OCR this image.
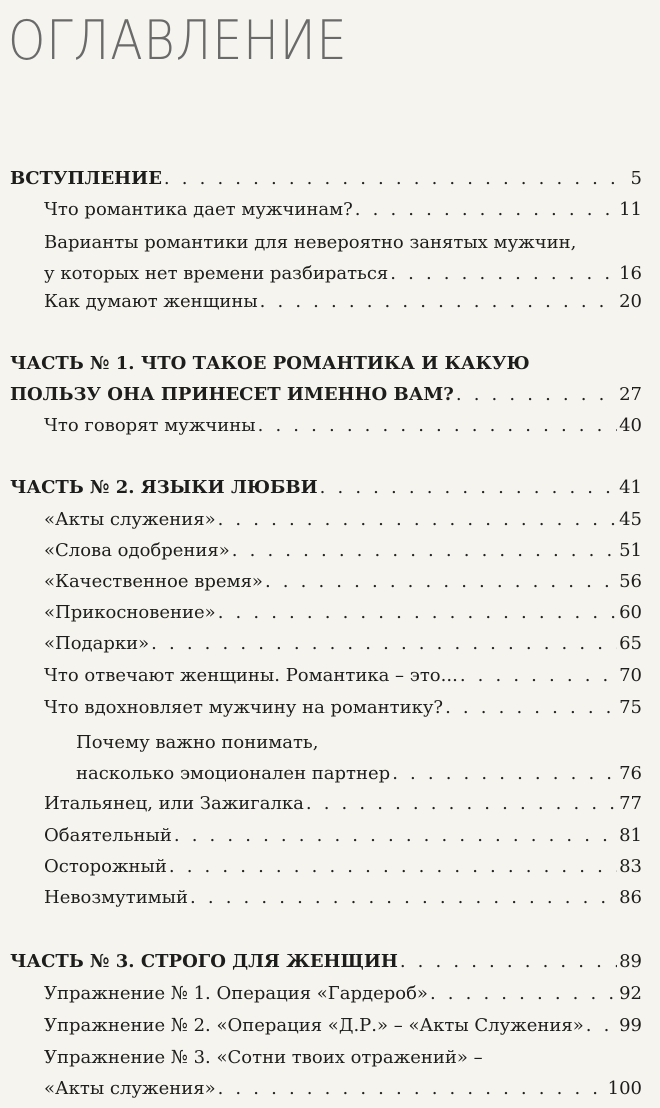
ОГЛАВЛЕНИЕ
ВСТУПЛЕНИЕ . . .	5
Что романтика дает мужчинам? . . .	11
Варианты романтики для невероятно занятых мужчин,
у которых нет времени разбираться . . .	16
Как думают женщины . . .	20
ЧАСТЬ № 1. ЧТО ТАКОЕ РОМАНТИКА И КАКУЮ
ПОЛЬЗУ ОНА ПРИНЕСЕТ ИМЕННО ВАМ? . . .	27
Что говорят мужчины . . .	40
ЧАСТЬ № 2. ЯЗЫКИ ЛЮБВИ . . .	41
«Акты служения» . . .	45
«Слова одобрения» . . .	51
«Качественное время» . . .	56
«Прикосновение» . . .	60
«Подарки» . . .	65
Что отвечают женщины. Романтика – это... . . .	70
Что вдохновляет мужчину на романтику? . . .	75
Почему важно понимать,
насколько эмоционален партнер . . .	76
Итальянец, или Зажигалка . . .	77
Обаятельный . . .	81
Осторожный . . .	83
Невозмутимый . . .	86
ЧАСТЬ № 3. СТРОГО ДЛЯ ЖЕНЩИН . . .	89
Упражнение № 1. Операция «Гардероб» . . .	92
Упражнение № 2. «Операция «Д.Р.» – «Акты Служения» . . . 99
Упражнение № 3. «Сотни твоих отражений» –
«Акты служения» . . .	100
